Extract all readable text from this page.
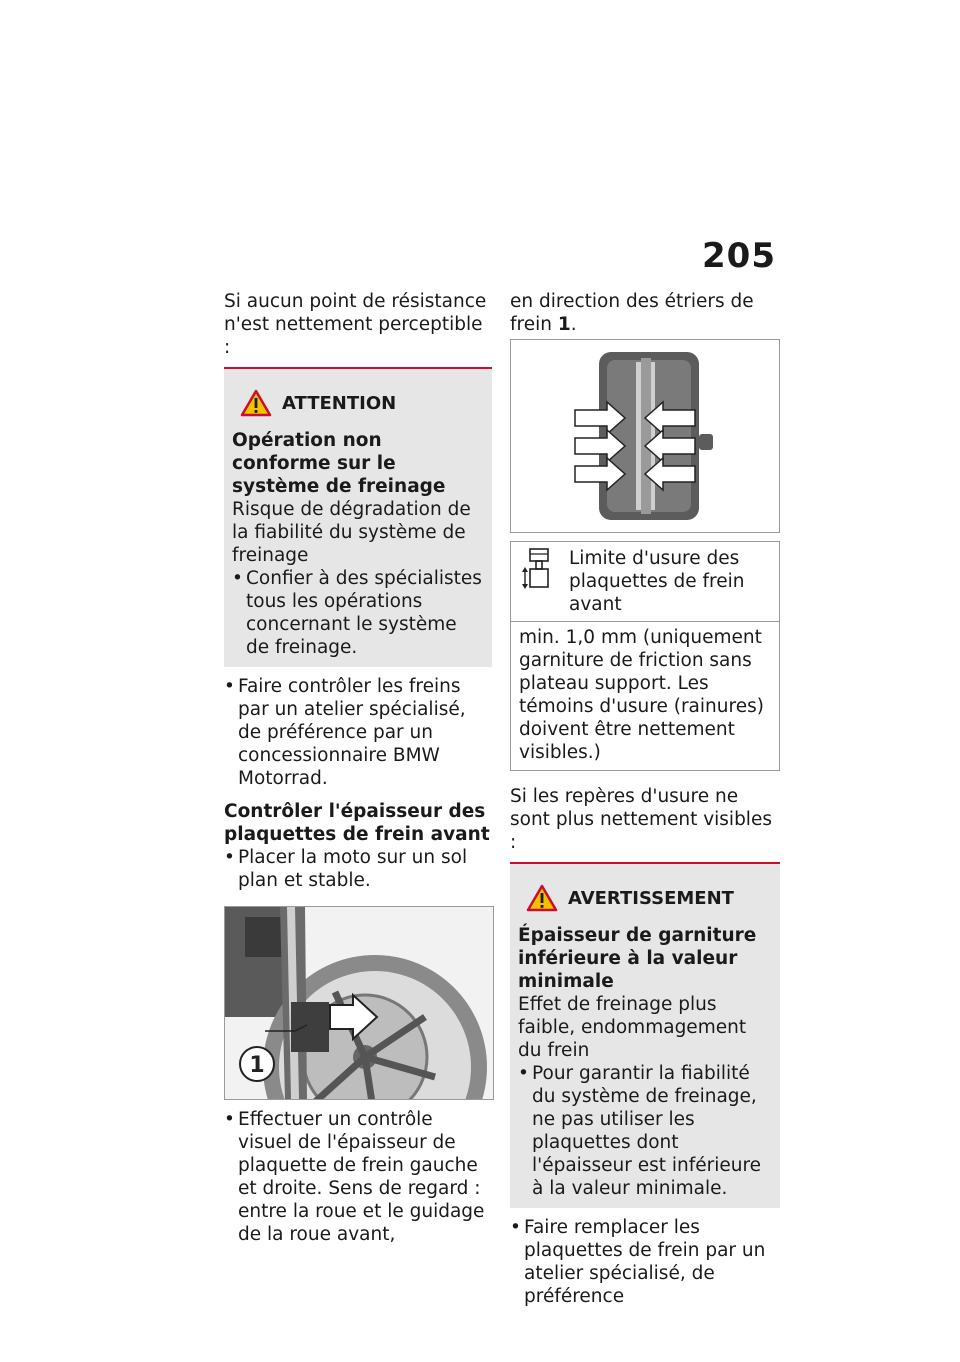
205

Si aucun point de résistance n'est nettement perceptible :

ATTENTION

Opération non conforme sur le système de freinage

Risque de dégradation de la fiabilité du système de freinage

• Confier à des spécialistes tous les opérations concernant le système de freinage.

• Faire contrôler les freins par un atelier spécialisé, de préférence par un concessionnaire BMW Motorrad.

Contrôler l'épaisseur des plaquettes de frein avant

• Placer la moto sur un sol plan et stable.

1

• Effectuer un contrôle visuel de l'épaisseur de plaquette de frein gauche et droite. Sens de regard : entre la roue et le guidage de la roue avant,

en direction des étriers de frein 1.

Limite d'usure des plaquettes de frein avant

min. 1,0 mm (uniquement garniture de friction sans plateau support. Les témoins d'usure (rainures) doivent être nettement visibles.)

Si les repères d'usure ne sont plus nettement visibles :

AVERTISSEMENT

Épaisseur de garniture inférieure à la valeur minimale

Effet de freinage plus faible, endommagement du frein

• Pour garantir la fiabilité du système de freinage, ne pas utiliser les plaquettes dont l'épaisseur est inférieure à la valeur minimale.

• Faire remplacer les plaquettes de frein par un atelier spécialisé, de préférence
